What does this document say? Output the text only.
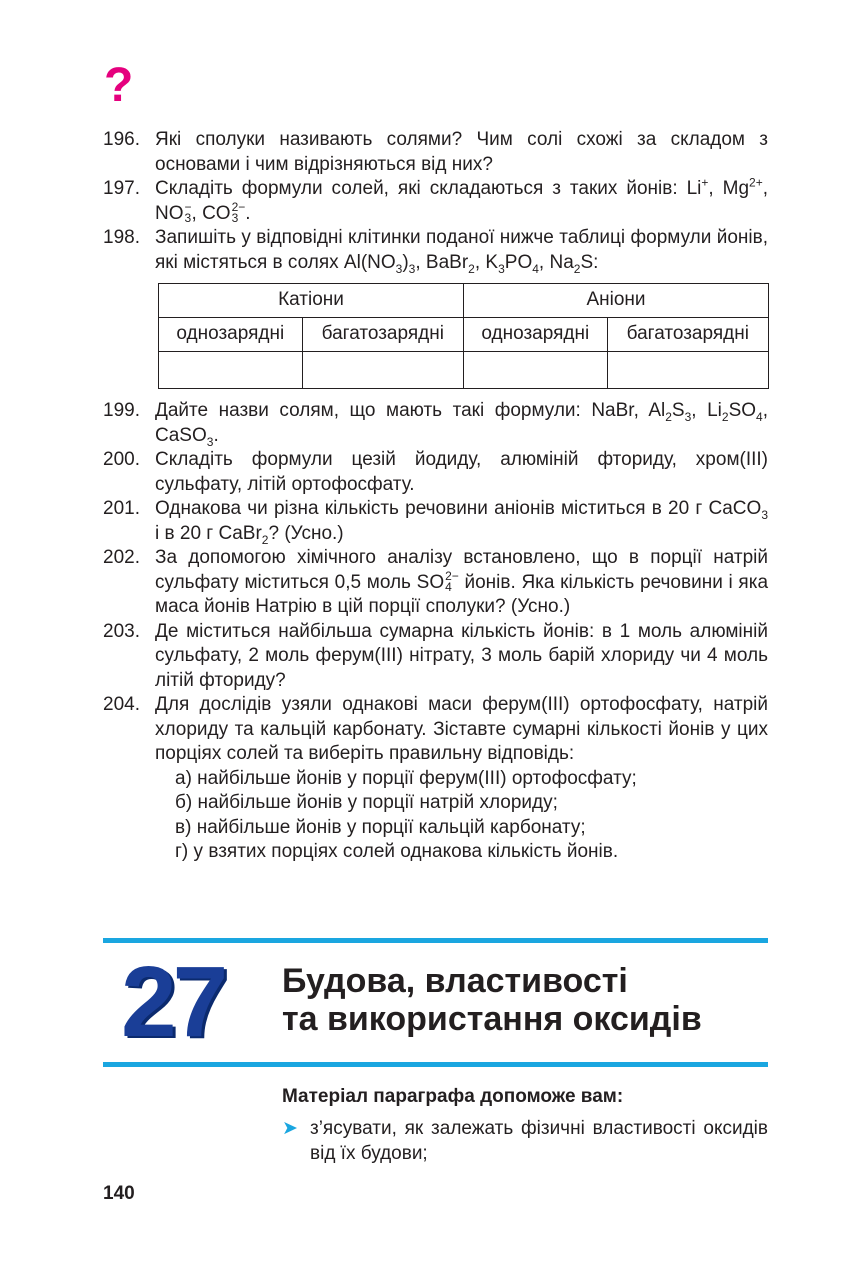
?
196. Які сполуки називають солями? Чим солі схожі за складом з основами і чим відрізняються від них?
197. Складіть формули солей, які складаються з таких йонів: Li+, $Mg^{2+}$, NO −
3 , CO 2−
3 .
198. Запишіть у відповідні клітинки поданої нижче таблиці формули йонів, які містяться в солях $Al(NO_3)_3$, BaBr$_2$, $K_3PO_4$, $Na_2S$:
Катіони		Аніони	
однозарядні	багатозарядні	однозарядні	багатозарядні

199. Дайте назви солям, що мають такі формули: NaBr, $Al_2S_3$, $Li_2SO_4$, CaSO$_3$.
200. Складіть формули цезій йодиду, алюміній фториду, хром(III) сульфату, літій ортофосфату.
201. Однакова чи різна кількість речовини аніонів міститься в 20 г CaCO$_3$ і в 20 г CaBr$_2$? (Усно.)
202. За допомогою хімічного аналізу встановлено, що в порції натрій сульфату міститься 0,5 моль SO 2−
4 йонів. Яка кількість речовини і яка маса йонів Натрію в цій порції сполуки? (Усно.)
203. Де міститься найбільша сумарна кількість йонів: в 1 моль алюміній сульфату, 2 моль ферум(III) нітрату, 3 моль барій хлориду чи 4 моль літій фториду?
204. Для дослідів узяли однакові маси ферум(III) ортофосфату, натрій хлориду та кальцій карбонату. Зіставте сумарні кількості йонів у цих порціях солей та виберіть правильну відповідь:
а) найбільше йонів у порції ферум(III) ортофосфату;
б) найбільше йонів у порції натрій хлориду;
в) найбільше йонів у порції кальцій карбонату;
г) у взятих порціях солей однакова кількість йонів.
27 Будова, властивості
та використання оксидів
Матеріал параграфа допоможе вам:
➤ з’ясувати, як залежать фізичні властивості оксидів від їх будови;
140
